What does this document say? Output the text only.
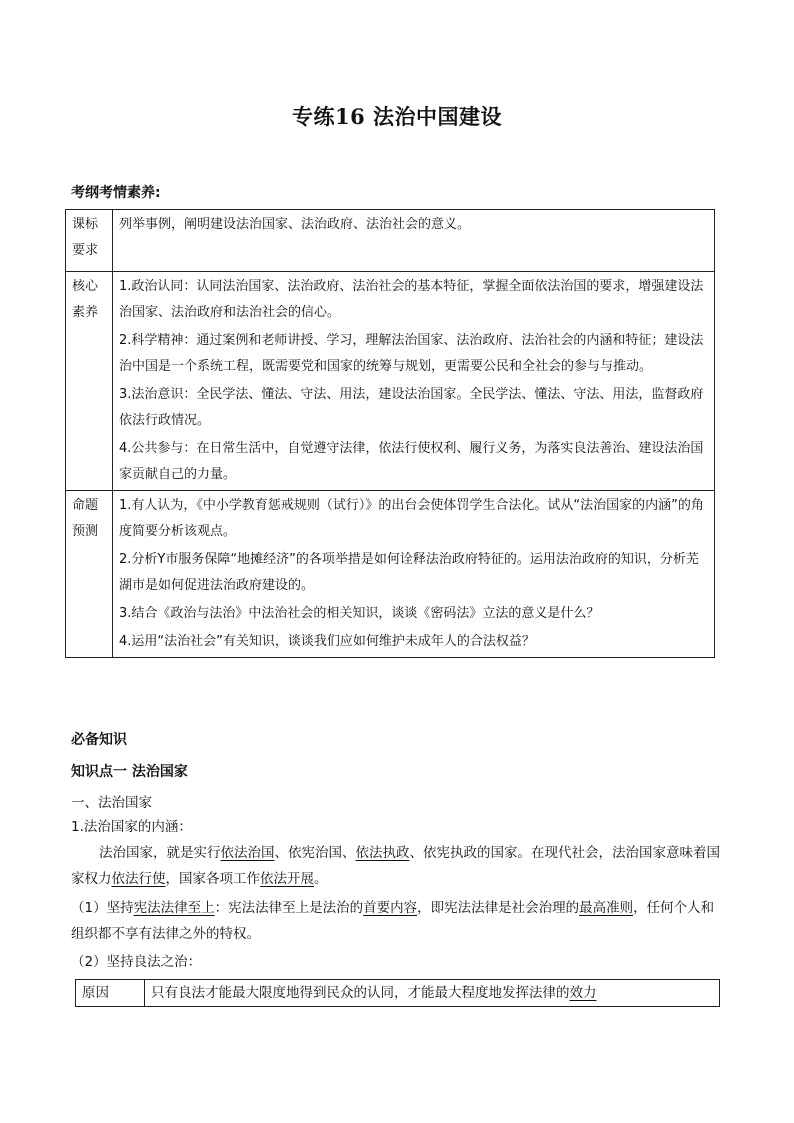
专练16 法治中国建设
考纲考情素养:
课标要求	列举事例，阐明建设法治国家、法治政府、法治社会的意义。
核心素养	1.政治认同：认同法治国家、法治政府、法治社会的基本特征，掌握全面依法治国的要求，增强建设法治国家、法治政府和法治社会的信心。

2.科学精神：通过案例和老师讲授、学习，理解法治国家、法治政府、法治社会的内涵和特征；建设法治中国是一个系统工程，既需要党和国家的统筹与规划，更需要公民和全社会的参与与推动。

3.法治意识：全民学法、懂法、守法、用法，建设法治国家。全民学法、懂法、守法、用法，监督政府依法行政情况。

4.公共参与：在日常生活中，自觉遵守法律，依法行使权利、履行义务，为落实良法善治、建设法治国家贡献自己的力量。

命题预测	1.有人认为，《中小学教育惩戒规则（试行）》的出台会使体罚学生合法化。试从“法治国家的内涵”的角度简要分析该观点。

2.分析Y市服务保障“地摊经济”的各项举措是如何诠释法治政府特征的。运用法治政府的知识，分析芜湖市是如何促进法治政府建设的。

3.结合《政治与法治》中法治社会的相关知识，谈谈《密码法》立法的意义是什么？

4.运用“法治社会”有关知识，谈谈我们应如何维护未成年人的合法权益？

必备知识
知识点一 法治国家
一、法治国家
1.法治国家的内涵：
法治国家，就是实行依法治国、依宪治国、依法执政、依宪执政的国家。在现代社会，法治国家意味着国家权力依法行使，国家各项工作依法开展。
（1）坚持宪法法律至上：宪法法律至上是法治的首要内容，即宪法法律是社会治理的最高准则，任何个人和组织都不享有法律之外的特权。
（2）坚持良法之治：
原因	只有良法才能最大限度地得到民众的认同，才能最大程度地发挥法律的效力
